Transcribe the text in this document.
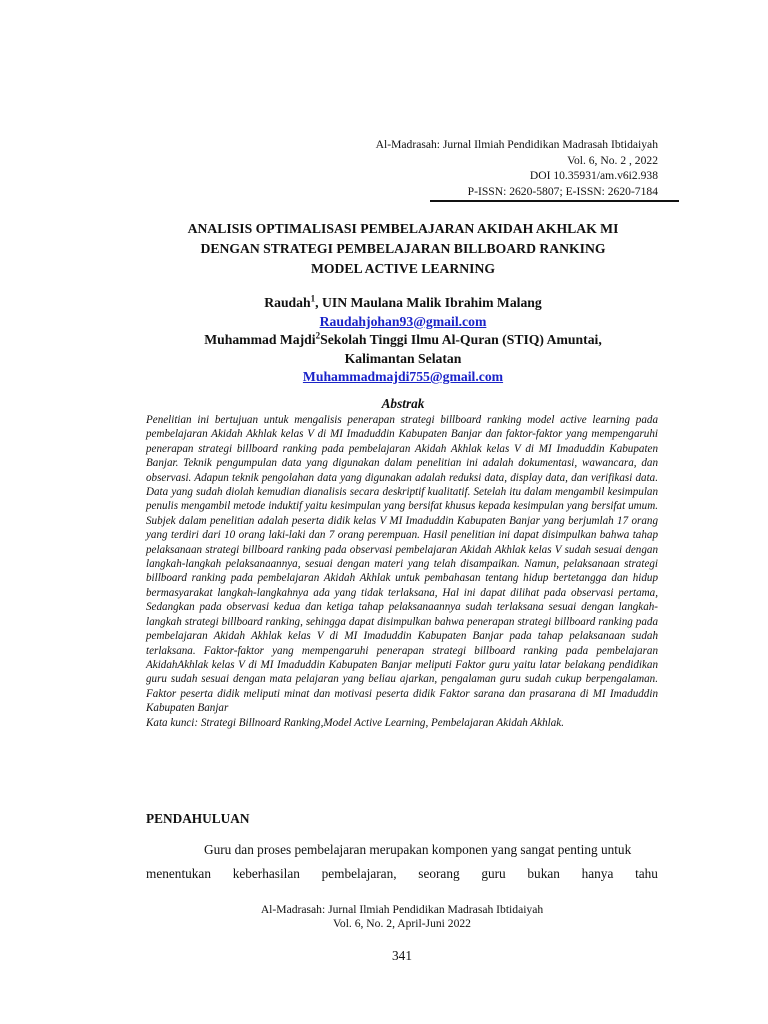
Al-Madrasah: Jurnal Ilmiah Pendidikan Madrasah Ibtidaiyah
Vol. 6, No. 2 , 2022
DOI 10.35931/am.v6i2.938
P-ISSN: 2620-5807; E-ISSN: 2620-7184
ANALISIS OPTIMALISASI PEMBELAJARAN AKIDAH AKHLAK MI
DENGAN STRATEGI PEMBELAJARAN BILLBOARD RANKING
MODEL ACTIVE LEARNING
Raudah$^1$, UIN Maulana Malik Ibrahim Malang
Raudahjohan93@gmail.com
Muhammad Majdi$^2$Sekolah Tinggi Ilmu Al-Quran (STIQ) Amuntai,
Kalimantan Selatan
Muhammadmajdi755@gmail.com
Abstrak
Penelitian ini bertujuan untuk mengalisis penerapan strategi billboard ranking model active learning pada pembelajaran Akidah Akhlak kelas V di MI Imaduddin Kabupaten Banjar dan faktor-faktor yang mempengaruhi penerapan strategi billboard ranking pada pembelajaran Akidah Akhlak kelas V di MI Imaduddin Kabupaten Banjar. Teknik pengumpulan data yang digunakan dalam penelitian ini adalah dokumentasi, wawancara, dan observasi. Adapun teknik pengolahan data yang digunakan adalah reduksi data, display data, dan verifikasi data. Data yang sudah diolah kemudian dianalisis secara deskriptif kualitatif. Setelah itu dalam mengambil kesimpulan penulis mengambil metode induktif yaitu kesimpulan yang bersifat khusus kepada kesimpulan yang bersifat umum. Subjek dalam penelitian adalah peserta didik kelas V MI Imaduddin Kabupaten Banjar yang berjumlah 17 orang yang terdiri dari 10 orang laki-laki dan 7 orang perempuan. Hasil penelitian ini dapat disimpulkan bahwa tahap pelaksanaan strategi billboard ranking pada observasi pembelajaran Akidah Akhlak kelas V sudah sesuai dengan langkah-langkah pelaksanaannya, sesuai dengan materi yang telah disampaikan. Namun, pelaksanaan strategi billboard ranking pada pembelajaran Akidah Akhlak untuk pembahasan tentang hidup bertetangga dan hidup bermasyarakat langkah-langkahnya ada yang tidak terlaksana, Hal ini dapat dilihat pada observasi pertama, Sedangkan pada observasi kedua dan ketiga tahap pelaksanaannya sudah terlaksana sesuai dengan langkah-langkah strategi billboard ranking, sehingga dapat disimpulkan bahwa penerapan strategi billboard ranking pada pembelajaran Akidah Akhlak kelas V di MI Imaduddin Kabupaten Banjar pada tahap pelaksanaan sudah terlaksana. Faktor-faktor yang mempengaruhi penerapan strategi billboard ranking pada pembelajaran AkidahAkhlak kelas V di MI Imaduddin Kabupaten Banjar meliputi Faktor guru yaitu latar belakang pendidikan guru sudah sesuai dengan mata pelajaran yang beliau ajarkan, pengalaman guru sudah cukup berpengalaman. Faktor peserta didik meliputi minat dan motivasi peserta didik Faktor sarana dan prasarana di MI Imaduddin Kabupaten Banjar
Kata kunci: Strategi Billnoard Ranking,Model Active Learning, Pembelajaran Akidah Akhlak.
PENDAHULUAN
Guru dan proses pembelajaran merupakan komponen yang sangat penting untuk
menentukan keberhasilan pembelajaran, seorang guru bukan hanya tahu
Al-Madrasah: Jurnal Ilmiah Pendidikan Madrasah Ibtidaiyah
Vol. 6, No. 2, April-Juni 2022
341
